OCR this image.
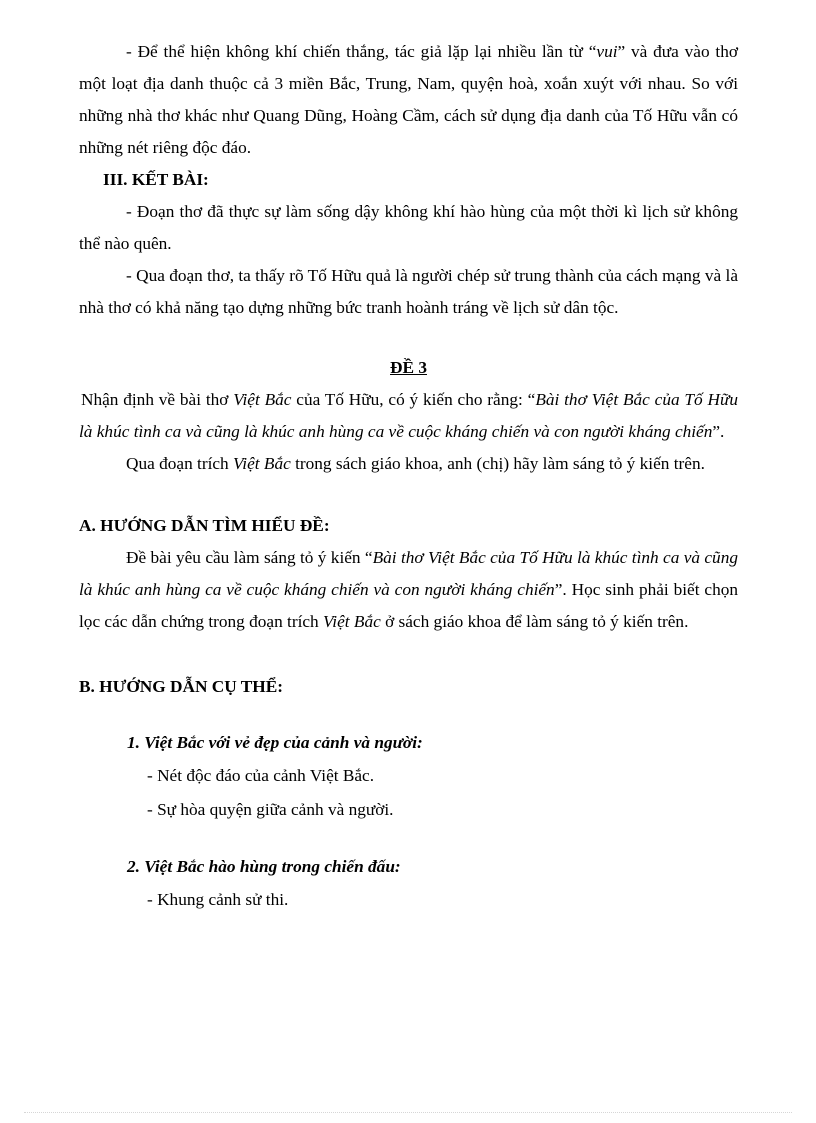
- Để thể hiện không khí chiến thắng, tác giả lặp lại nhiều lần từ “vui” và đưa vào thơ một loạt địa danh thuộc cả 3 miền Bắc, Trung, Nam, quyện hoà, xoắn xuýt với nhau. So với những nhà thơ khác như Quang Dũng, Hoàng Cầm, cách sử dụng địa danh của Tố Hữu vẫn có những nét riêng độc đáo.

III. KẾT BÀI:

- Đoạn thơ đã thực sự làm sống dậy không khí hào hùng của một thời kì lịch sử không thể nào quên.

- Qua đoạn thơ, ta thấy rõ Tố Hữu quả là người chép sử trung thành của cách mạng và là nhà thơ có khả năng tạo dựng những bức tranh hoành tráng về lịch sử dân tộc.

ĐỀ 3

Nhận định về bài thơ Việt Bắc của Tố Hữu, có ý kiến cho rằng: “Bài thơ Việt Bắc của Tố Hữu là khúc tình ca và cũng là khúc anh hùng ca về cuộc kháng chiến và con người kháng chiến”.

Qua đoạn trích Việt Bắc trong sách giáo khoa, anh (chị) hãy làm sáng tỏ ý kiến trên.

A. HƯỚNG DẪN TÌM HIỂU ĐỀ:

Đề bài yêu cầu làm sáng tỏ ý kiến “Bài thơ Việt Bắc của Tố Hữu là khúc tình ca và cũng là khúc anh hùng ca về cuộc kháng chiến và con người kháng chiến”. Học sinh phải biết chọn lọc các dẫn chứng trong đoạn trích Việt Bắc ở sách giáo khoa để làm sáng tỏ ý kiến trên.

B. HƯỚNG DẪN CỤ THỂ:

1. Việt Bắc với vẻ đẹp của cảnh và người:

- Nét độc đáo của cảnh Việt Bắc.

- Sự hòa quyện giữa cảnh và người.

2. Việt Bắc hào hùng trong chiến đấu:

- Khung cảnh sử thi.
